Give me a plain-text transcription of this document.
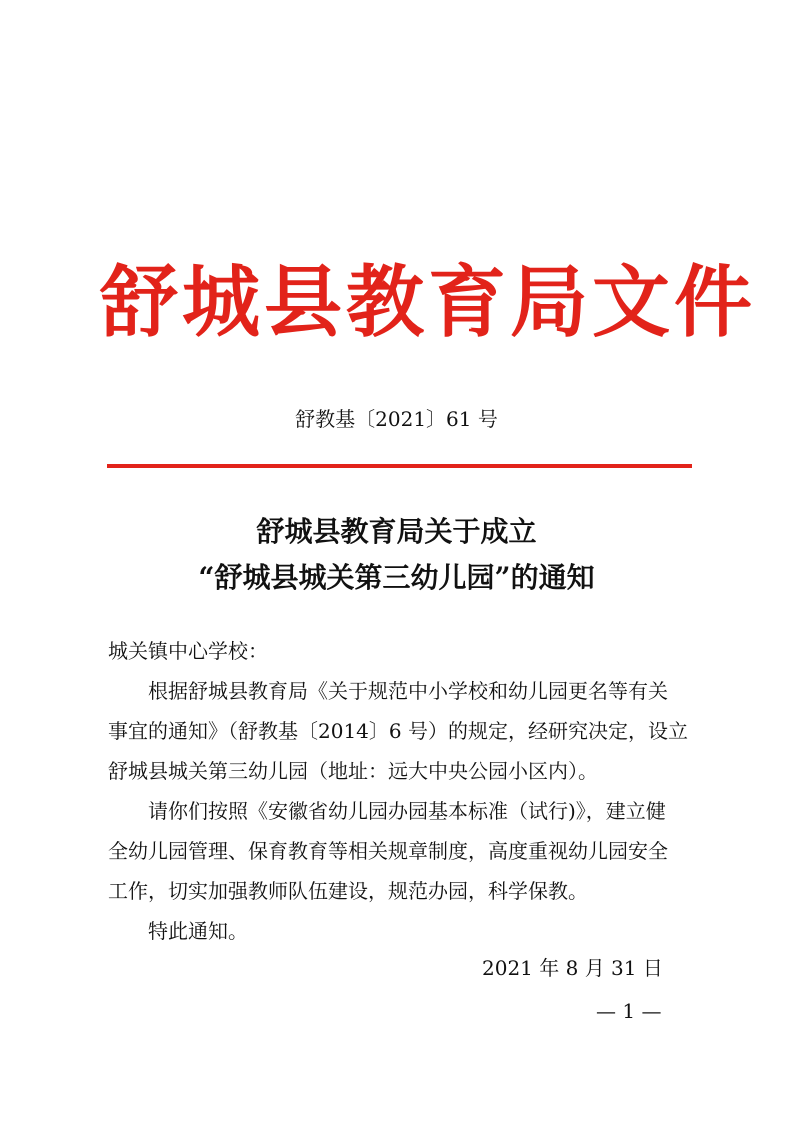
舒城县教育局文件
舒教基〔2021〕61 号
舒城县教育局关于成立
“舒城县城关第三幼儿园”的通知
城关镇中心学校：
根据舒城县教育局《关于规范中小学校和幼儿园更名等有关
事宜的通知》（舒教基〔2014〕6 号）的规定，经研究决定，设立
舒城县城关第三幼儿园（地址：远大中央公园小区内）。
请你们按照《安徽省幼儿园办园基本标准（试行)》，建立健
全幼儿园管理、保育教育等相关规章制度，高度重视幼儿园安全
工作，切实加强教师队伍建设，规范办园，科学保教。
特此通知。
2021 年 8 月 31 日
— 1 —
